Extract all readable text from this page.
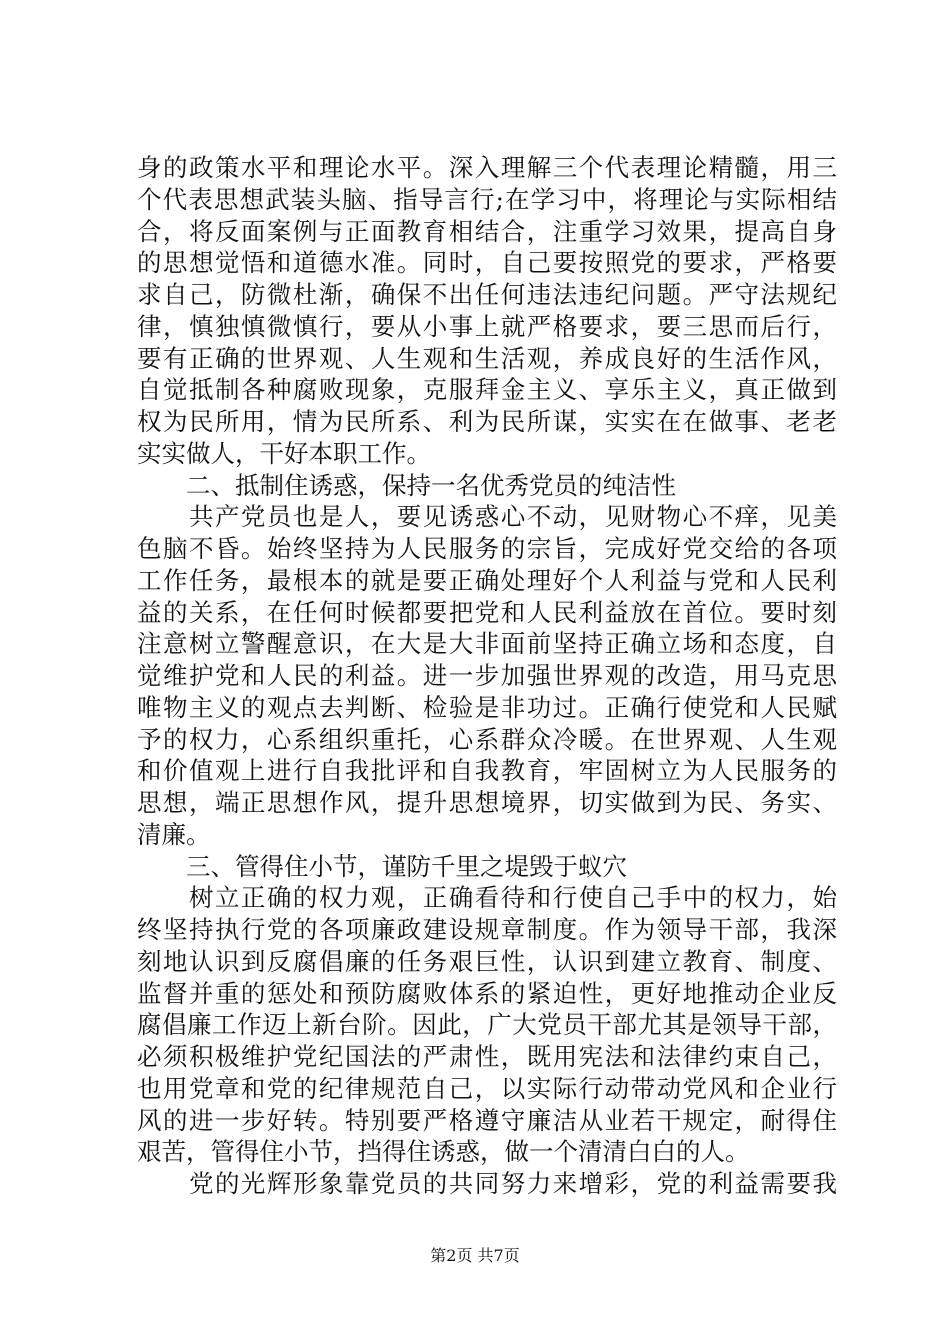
身的政策水平和理论水平。深入理解三个代表理论精髓，用三
个代表思想武装头脑、指导言行;在学习中，将理论与实际相结
合，将反面案例与正面教育相结合，注重学习效果，提高自身
的思想觉悟和道德水准。同时，自己要按照党的要求，严格要
求自己，防微杜渐，确保不出任何违法违纪问题。严守法规纪
律，慎独慎微慎行，要从小事上就严格要求，要三思而后行，
要有正确的世界观、人生观和生活观，养成良好的生活作风，
自觉抵制各种腐败现象，克服拜金主义、享乐主义，真正做到
权为民所用，情为民所系、利为民所谋，实实在在做事、老老
实实做人，干好本职工作。
　　二、抵制住诱惑，保持一名优秀党员的纯洁性
　　共产党员也是人，要见诱惑心不动，见财物心不痒，见美
色脑不昏。始终坚持为人民服务的宗旨，完成好党交给的各项
工作任务，最根本的就是要正确处理好个人利益与党和人民利
益的关系，在任何时候都要把党和人民利益放在首位。要时刻
注意树立警醒意识，在大是大非面前坚持正确立场和态度，自
觉维护党和人民的利益。进一步加强世界观的改造，用马克思
唯物主义的观点去判断、检验是非功过。正确行使党和人民赋
予的权力，心系组织重托，心系群众冷暖。在世界观、人生观
和价值观上进行自我批评和自我教育，牢固树立为人民服务的
思想，端正思想作风，提升思想境界，切实做到为民、务实、
清廉。
　　三、管得住小节，谨防千里之堤毁于蚁穴
　　树立正确的权力观，正确看待和行使自己手中的权力，始
终坚持执行党的各项廉政建设规章制度。作为领导干部，我深
刻地认识到反腐倡廉的任务艰巨性，认识到建立教育、制度、
监督并重的惩处和预防腐败体系的紧迫性，更好地推动企业反
腐倡廉工作迈上新台阶。因此，广大党员干部尤其是领导干部，
必须积极维护党纪国法的严肃性，既用宪法和法律约束自己，
也用党章和党的纪律规范自己，以实际行动带动党风和企业行
风的进一步好转。特别要严格遵守廉洁从业若干规定，耐得住
艰苦，管得住小节，挡得住诱惑，做一个清清白白的人。
　　党的光辉形象靠党员的共同努力来增彩，党的利益需要我
第2页 共7页
